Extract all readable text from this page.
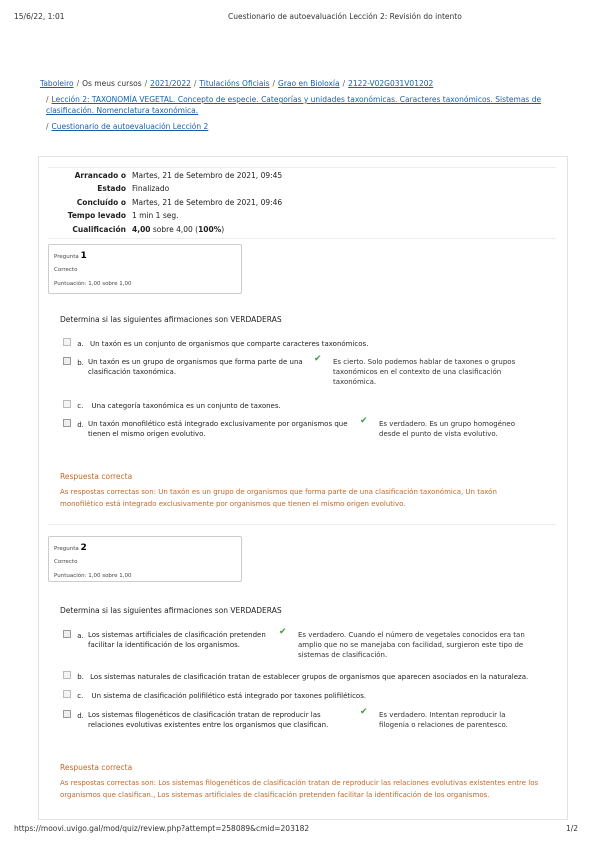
15/6/22, 1:01	Cuestionario de autoevaluación Lección 2: Revisión do intento
Taboleiro / Os meus cursos / 2021/2022 / Titulacións Oficiais / Grao en Bioloxía / 2122-V02G031V01202
/ Lección 2: TAXONOMÍA VEGETAL. Concepto de especie. Categorías y unidades taxonómicas. Caracteres taxonómicos. Sistemas de clasificación. Nomenclatura taxonómica.
/ Cuestionario de autoevaluación Lección 2
Arrancado o Martes, 21 de Setembro de 2021, 09:45
Estado Finalizado
Concluído o Martes, 21 de Setembro de 2021, 09:46
Tempo levado 1 min 1 seg.
Cualificación 4,00 sobre 4,00 (100%)
Pregunta 1
Correcto
Puntuación: 1,00 sobre 1,00
Determina si las siguientes afirmaciones son VERDADERAS
a. Un taxón es un conjunto de organismos que comparte caracteres taxonómicos.
b. Un taxón es un grupo de organismos que forma parte de una clasificación taxonómica.
✔ Es cierto. Solo podemos hablar de taxones o grupos taxonómicos en el contexto de una clasificación taxonómica.
c. Una categoría taxonómica es un conjunto de taxones.
d. Un taxón monofilético está integrado exclusivamente por organismos que tienen el mismo origen evolutivo.
✔ Es verdadero. Es un grupo homogéneo desde el punto de vista evolutivo.
Respuesta correcta
As respostas correctas son: Un taxón es un grupo de organismos que forma parte de una clasificación taxonómica, Un taxón monofilético está integrado exclusivamente por organismos que tienen el mismo origen evolutivo.
Pregunta 2
Correcto
Puntuación: 1,00 sobre 1,00
Determina si las siguientes afirmaciones son VERDADERAS
a. Los sistemas artificiales de clasificación pretenden facilitar la identificación de los organismos.
✔ Es verdadero. Cuando el número de vegetales conocidos era tan amplio que no se manejaba con facilidad, surgieron este tipo de sistemas de clasificación.
b. Los sistemas naturales de clasificación tratan de establecer grupos de organismos que aparecen asociados en la naturaleza.
c. Un sistema de clasificación polifilético está integrado por taxones polifiléticos.
d. Los sistemas filogenéticos de clasificación tratan de reproducir las relaciones evolutivas existentes entre los organismos que clasifican.
✔ Es verdadero. Intentan reproducir la filogenia o relaciones de parentesco.
Respuesta correcta
As respostas correctas son: Los sistemas filogenéticos de clasificación tratan de reproducir las relaciones evolutivas existentes entre los organismos que clasifican., Los sistemas artificiales de clasificación pretenden facilitar la identificación de los organismos.
https://moovi.uvigo.gal/mod/quiz/review.php?attempt=258089&cmid=203182	1/2
